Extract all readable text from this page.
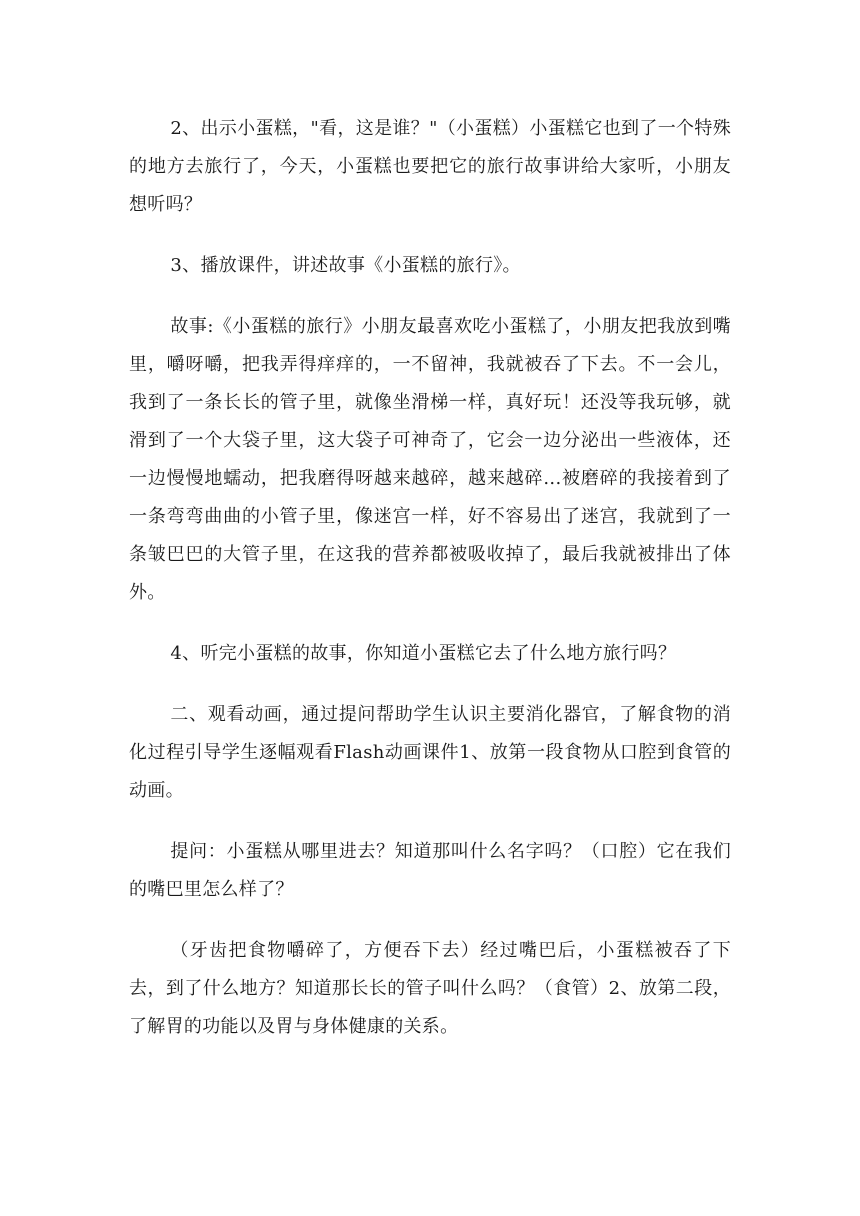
2、出示小蛋糕，"看，这是谁？"（小蛋糕）小蛋糕它也到了一个特殊的地方去旅行了，今天，小蛋糕也要把它的旅行故事讲给大家听，小朋友想听吗？

3、播放课件，讲述故事《小蛋糕的旅行》。

故事:《小蛋糕的旅行》小朋友最喜欢吃小蛋糕了，小朋友把我放到嘴里，嚼呀嚼，把我弄得痒痒的，一不留神，我就被吞了下去。不一会儿，我到了一条长长的管子里，就像坐滑梯一样，真好玩！还没等我玩够，就滑到了一个大袋子里，这大袋子可神奇了，它会一边分泌出一些液体，还一边慢慢地蠕动，把我磨得呀越来越碎，越来越碎...被磨碎的我接着到了一条弯弯曲曲的小管子里，像迷宫一样，好不容易出了迷宫，我就到了一条皱巴巴的大管子里，在这我的营养都被吸收掉了，最后我就被排出了体外。

4、听完小蛋糕的故事，你知道小蛋糕它去了什么地方旅行吗？

二、观看动画，通过提问帮助学生认识主要消化器官，了解食物的消化过程引导学生逐幅观看Flash动画课件1、放第一段食物从口腔到食管的动画。

提问：小蛋糕从哪里进去？知道那叫什么名字吗？（口腔）它在我们的嘴巴里怎么样了？

（牙齿把食物嚼碎了，方便吞下去）经过嘴巴后，小蛋糕被吞了下去，到了什么地方？知道那长长的管子叫什么吗？（食管）2、放第二段，了解胃的功能以及胃与身体健康的关系。
